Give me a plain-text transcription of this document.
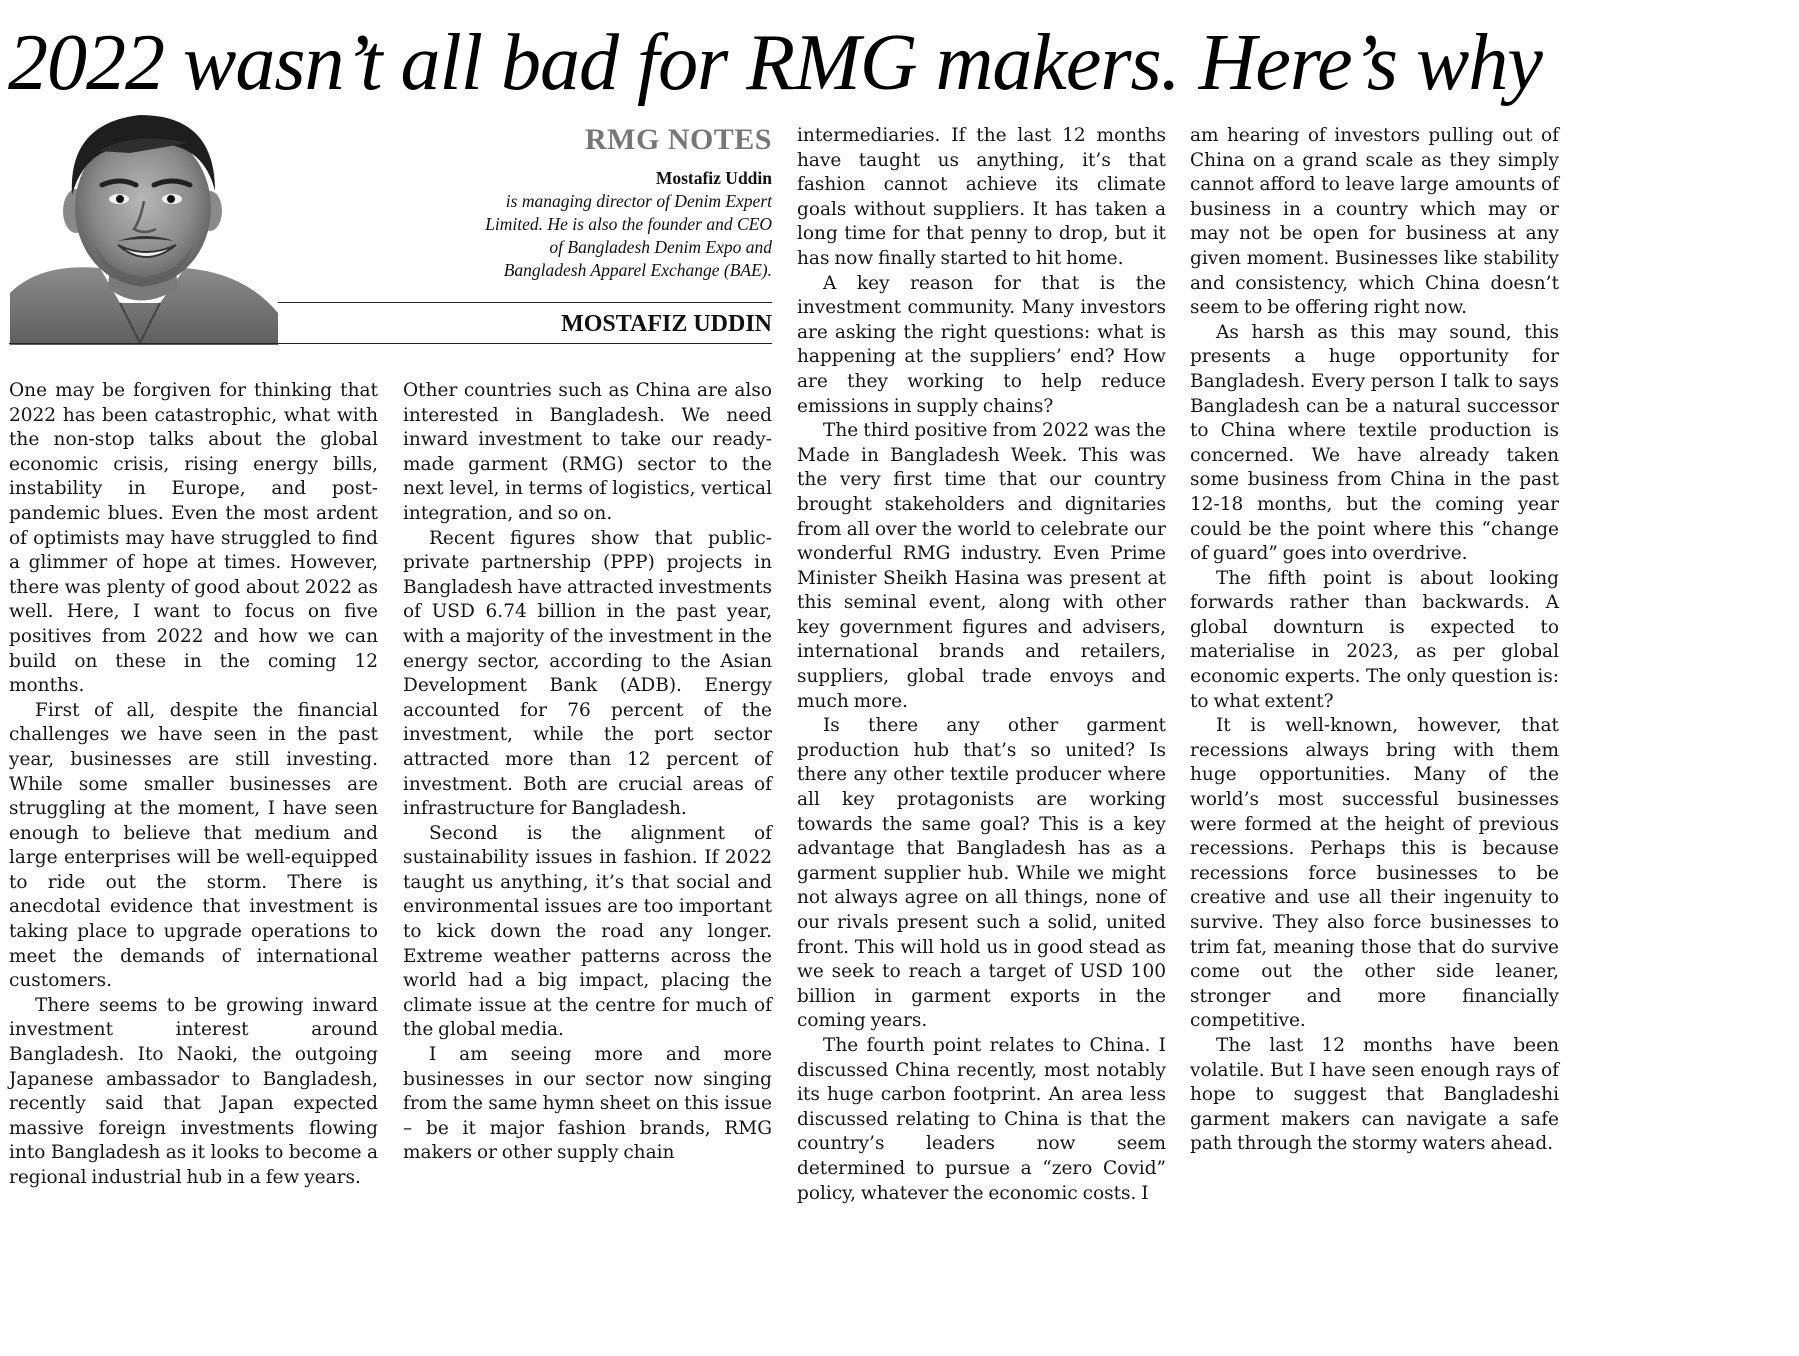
2022 wasn’t all bad for RMG makers. Here’s why
RMG NOTES
Mostafiz Uddin
is managing director of Denim Expert Limited. He is also the founder and CEO of Bangladesh Denim Expo and Bangladesh Apparel Exchange (BAE).
MOSTAFIZ UDDIN

One may be forgiven for thinking that 2022 has been catastrophic, what with the non-stop talks about the global economic crisis, rising energy bills, instability in Europe, and post-pandemic blues. Even the most ardent of optimists may have struggled to find a glimmer of hope at times. However, there was plenty of good about 2022 as well. Here, I want to focus on five positives from 2022 and how we can build on these in the coming 12 months.

First of all, despite the financial challenges we have seen in the past year, businesses are still investing. While some smaller businesses are struggling at the moment, I have seen enough to believe that medium and large enterprises will be well-equipped to ride out the storm. There is anecdotal evidence that investment is taking place to upgrade operations to meet the demands of international customers.

There seems to be growing inward investment interest around Bangladesh. Ito Naoki, the outgoing Japanese ambassador to Bangladesh, recently said that Japan expected massive foreign investments flowing into Bangladesh as it looks to become a regional industrial hub in a few years.

Other countries such as China are also interested in Bangladesh. We need inward investment to take our ready-made garment (RMG) sector to the next level, in terms of logistics, vertical integration, and so on.

Recent figures show that public-private partnership (PPP) projects in Bangladesh have attracted investments of USD 6.74 billion in the past year, with a majority of the investment in the energy sector, according to the Asian Development Bank (ADB). Energy accounted for 76 percent of the investment, while the port sector attracted more than 12 percent of investment. Both are crucial areas of infrastructure for Bangladesh.

Second is the alignment of sustainability issues in fashion. If 2022 taught us anything, it’s that social and environmental issues are too important to kick down the road any longer. Extreme weather patterns across the world had a big impact, placing the climate issue at the centre for much of the global media.

I am seeing more and more businesses in our sector now singing from the same hymn sheet on this issue – be it major fashion brands, RMG makers or other supply chain

intermediaries. If the last 12 months have taught us anything, it’s that fashion cannot achieve its climate goals without suppliers. It has taken a long time for that penny to drop, but it has now finally started to hit home.

A key reason for that is the investment community. Many investors are asking the right questions: what is happening at the suppliers’ end? How are they working to help reduce emissions in supply chains?

The third positive from 2022 was the Made in Bangladesh Week. This was the very first time that our country brought stakeholders and dignitaries from all over the world to celebrate our wonderful RMG industry. Even Prime Minister Sheikh Hasina was present at this seminal event, along with other key government figures and advisers, international brands and retailers, suppliers, global trade envoys and much more.

Is there any other garment production hub that’s so united? Is there any other textile producer where all key protagonists are working towards the same goal? This is a key advantage that Bangladesh has as a garment supplier hub. While we might not always agree on all things, none of our rivals present such a solid, united front. This will hold us in good stead as we seek to reach a target of USD 100 billion in garment exports in the coming years.

The fourth point relates to China. I discussed China recently, most notably its huge carbon footprint. An area less discussed relating to China is that the country’s leaders now seem determined to pursue a “zero Covid” policy, whatever the economic costs. I

am hearing of investors pulling out of China on a grand scale as they simply cannot afford to leave large amounts of business in a country which may or may not be open for business at any given moment. Businesses like stability and consistency, which China doesn’t seem to be offering right now.

As harsh as this may sound, this presents a huge opportunity for Bangladesh. Every person I talk to says Bangladesh can be a natural successor to China where textile production is concerned. We have already taken some business from China in the past 12-18 months, but the coming year could be the point where this “change of guard” goes into overdrive.

The fifth point is about looking forwards rather than backwards. A global downturn is expected to materialise in 2023, as per global economic experts. The only question is: to what extent?

It is well-known, however, that recessions always bring with them huge opportunities. Many of the world’s most successful businesses were formed at the height of previous recessions. Perhaps this is because recessions force businesses to be creative and use all their ingenuity to survive. They also force businesses to trim fat, meaning those that do survive come out the other side leaner, stronger and more financially competitive.

The last 12 months have been volatile. But I have seen enough rays of hope to suggest that Bangladeshi garment makers can navigate a safe path through the stormy waters ahead.
